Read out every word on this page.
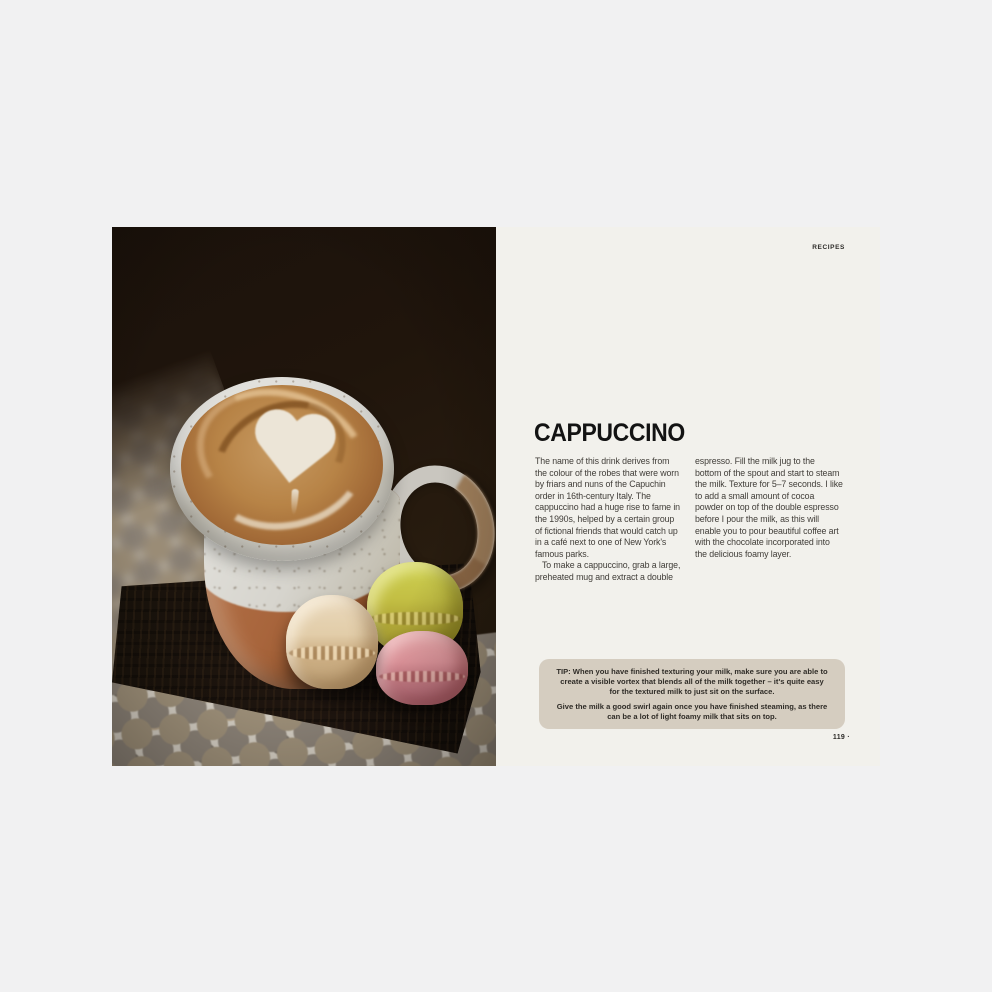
RECIPES
CAPPUCCINO

The name of this drink derives from the colour of the robes that were worn by friars and nuns of the Capuchin order in 16th-century Italy. The cappuccino had a huge rise to fame in the 1990s, helped by a certain group of fictional friends that would catch up in a café next to one of New York's famous parks.

To make a cappuccino, grab a large, preheated mug and extract a double

espresso. Fill the milk jug to the bottom of the spout and start to steam the milk. Texture for 5–7 seconds. I like to add a small amount of cocoa powder on top of the double espresso before I pour the milk, as this will enable you to pour beautiful coffee art with the chocolate incorporated into the delicious foamy layer.

TIP: When you have finished texturing your milk, make sure you are able to create a visible vortex that blends all of the milk together – it's quite easy for the textured milk to just sit on the surface.

Give the milk a good swirl again once you have finished steaming, as there can be a lot of light foamy milk that sits on top.

119 ·
